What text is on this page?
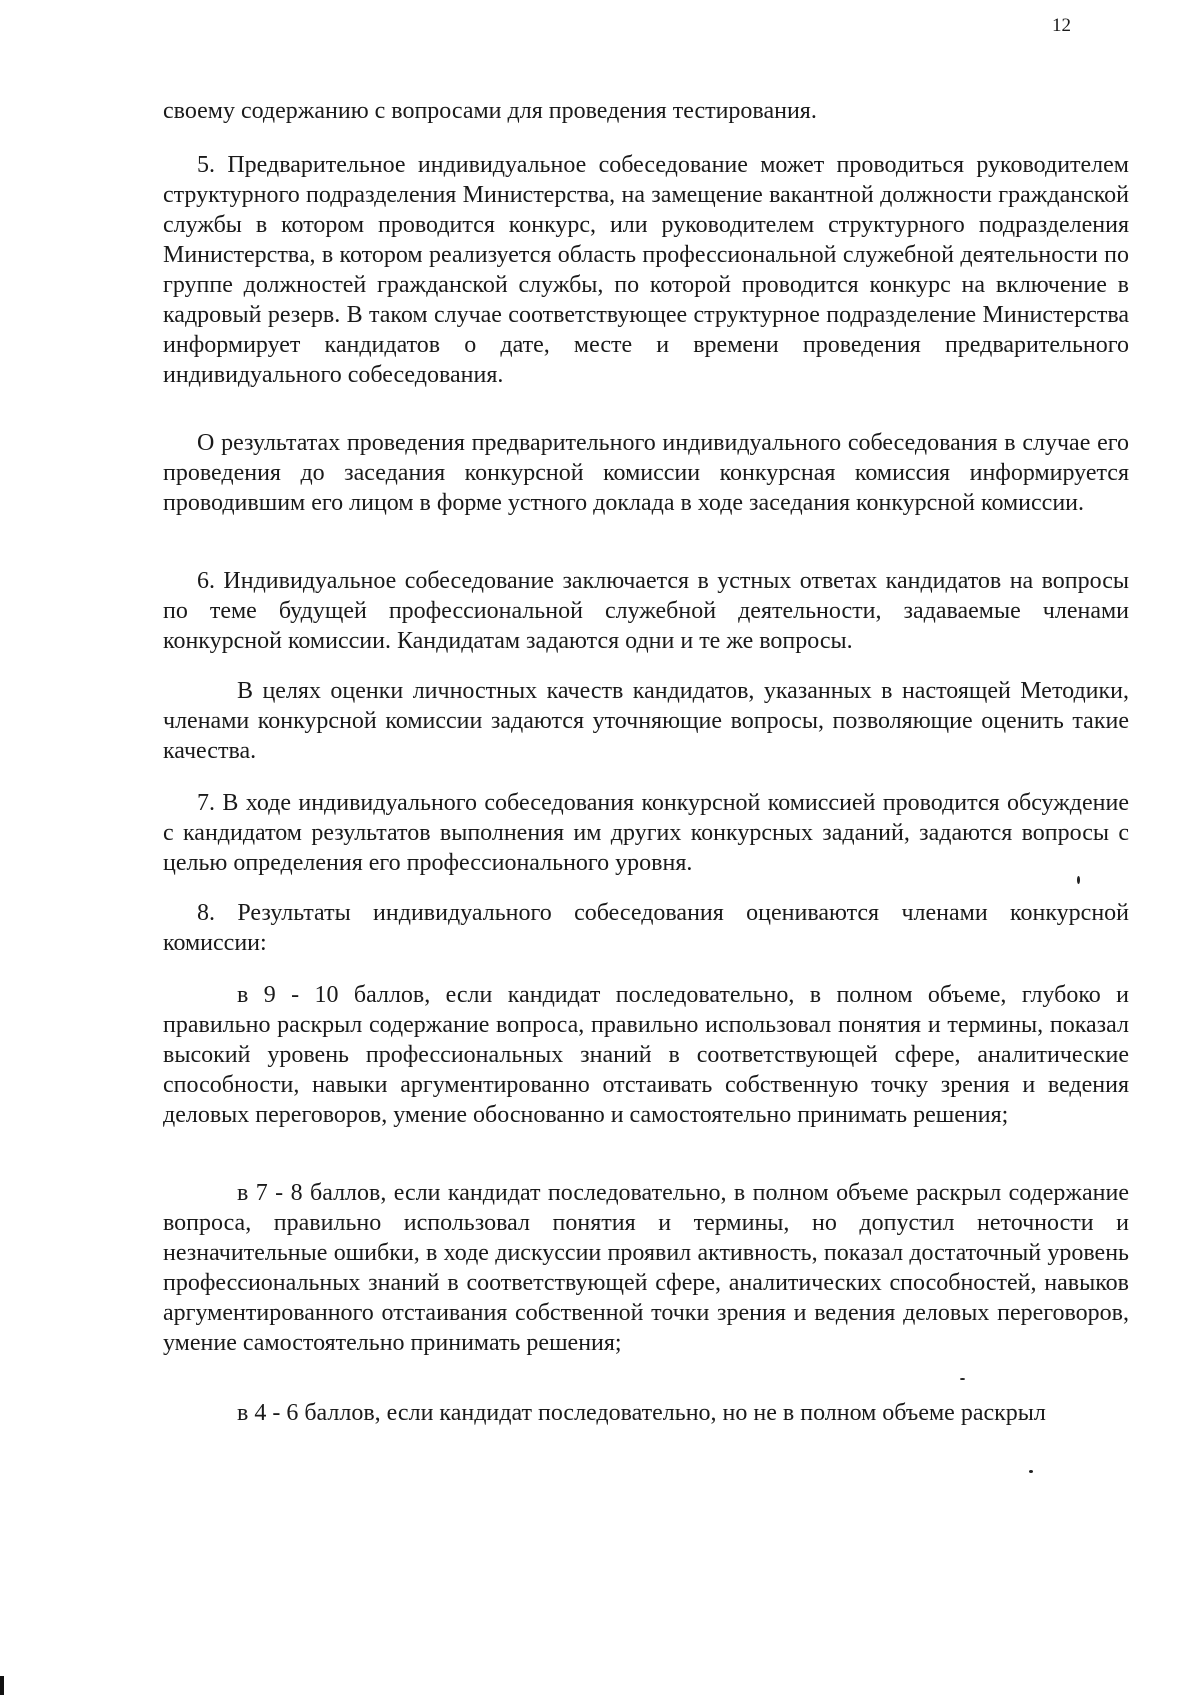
12

своему содержанию с вопросами для проведения тестирования.

5. Предварительное индивидуальное собеседование может проводиться руководителем структурного подразделения Министерства, на замещение вакантной должности гражданской службы в котором проводится конкурс, или руководителем структурного подразделения Министерства, в котором реализуется область профессиональной служебной деятельности по группе должностей гражданской службы, по которой проводится конкурс на включение в кадровый резерв. В таком случае соответствующее структурное подразделение Министерства информирует кандидатов о дате, месте и времени проведения предварительного индивидуального собеседования.

О результатах проведения предварительного индивидуального собеседования в случае его проведения до заседания конкурсной комиссии конкурсная комиссия информируется проводившим его лицом в форме устного доклада в ходе заседания конкурсной комиссии.

6. Индивидуальное собеседование заключается в устных ответах кандидатов на вопросы по теме будущей профессиональной служебной деятельности, задаваемые членами конкурсной комиссии. Кандидатам задаются одни и те же вопросы.

В целях оценки личностных качеств кандидатов, указанных в настоящей Методики, членами конкурсной комиссии задаются уточняющие вопросы, позволяющие оценить такие качества.

7. В ходе индивидуального собеседования конкурсной комиссией проводится обсуждение с кандидатом результатов выполнения им других конкурсных заданий, задаются вопросы с целью определения его профессионального уровня.

8. Результаты индивидуального собеседования оцениваются членами конкурсной комиссии:

в 9 - 10 баллов, если кандидат последовательно, в полном объеме, глубоко и правильно раскрыл содержание вопроса, правильно использовал понятия и термины, показал высокий уровень профессиональных знаний в соответствующей сфере, аналитические способности, навыки аргументированно отстаивать собственную точку зрения и ведения деловых переговоров, умение обоснованно и самостоятельно принимать решения;

в 7 - 8 баллов, если кандидат последовательно, в полном объеме раскрыл содержание вопроса, правильно использовал понятия и термины, но допустил неточности и незначительные ошибки, в ходе дискуссии проявил активность, показал достаточный уровень профессиональных знаний в соответствующей сфере, аналитических способностей, навыков аргументированного отстаивания собственной точки зрения и ведения деловых переговоров, умение самостоятельно принимать решения;

в 4 - 6 баллов, если кандидат последовательно, но не в полном объеме раскрыл
